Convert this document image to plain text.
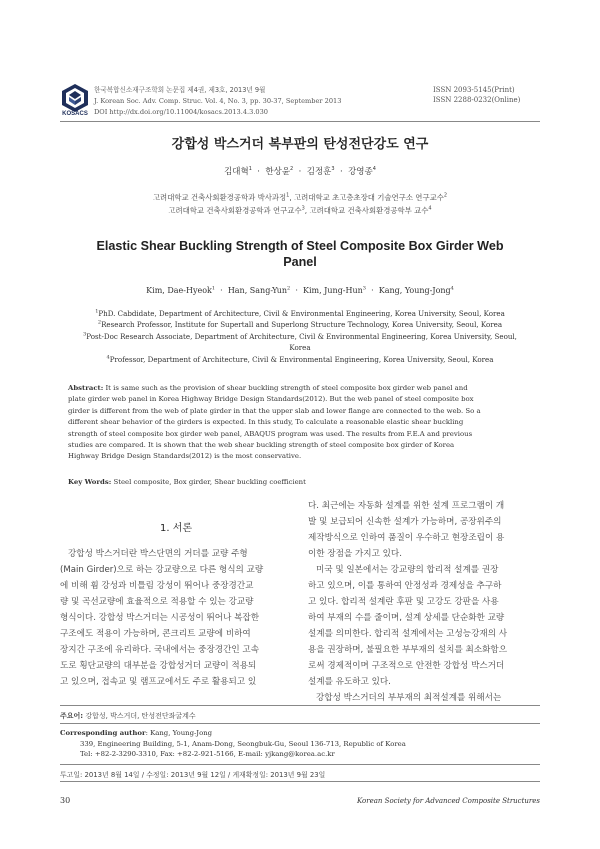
KOSACS
한국복합신소재구조학회 논문집 제4권, 제3호, 2013년 9월
J. Korean Soc. Adv. Comp. Struc. Vol. 4, No. 3, pp. 30-37, September 2013
DOI http://dx.doi.org/10.11004/kosacs.2013.4.3.030
ISSN 2093-5145(Print)
ISSN 2288-0232(Online)
강합성 박스거더 복부판의 탄성전단강도 연구
김대혁$^1$  ·  한상윤$^2$  ·  김정훈$^3$  ·  강영종$^4$
고려대학교 건축사회환경공학과 박사과정$^1$, 고려대학교 초고층초장대 기술연구소 연구교수$^2$
고려대학교 건축사회환경공학과 연구교수$^3$, 고려대학교 건축사회환경공학부 교수$^4$
Elastic Shear Buckling Strength of Steel Composite Box Girder Web
Panel
Kim, Dae-Hyeok$^1$  ·  Han, Sang-Yun$^2$  ·  Kim, Jung-Hun$^3$  ·  Kang, Young-Jong$^4$
$^1$PhD. Cabdidate, Department of Architecture, Civil & Environmental Engineering, Korea University, Seoul, Korea
$^2$Research Professor, Institute for Supertall and Superlong Structure Technology, Korea University, Seoul, Korea
$^3$Post-Doc Research Associate, Department of Architecture, Civil & Environmental Engineering, Korea University, Seoul,
Korea
$^4$Professor, Department of Architecture, Civil & Environmental Engineering, Korea University, Seoul, Korea
Abstract: It is same such as the provision of shear buckling strength of steel composite box girder web panel and
plate girder web panel in Korea Highway Bridge Design Standards(2012). But the web panel of steel composite box
girder is different from the web of plate girder in that the upper slab and lower flange are connected to the web. So a
different shear behavior of the girders is expected. In this study, To calculate a reasonable elastic shear buckling
strength of steel composite box girder web panel, ABAQUS program was used. The results from F.E.A and previous
studies are compared. It is shown that the web shear buckling strength of steel composite box girder of Korea
Highway Bridge Design Standards(2012) is the most conservative.
Key Words: Steel composite, Box girder, Shear buckling coefficient
1. 서론
강합성 박스거더란 박스단면의 거더를 교량 주형
(Main Girder)으로 하는 강교량으로 다른 형식의 교량
에 비해 휨 강성과 비틀림 강성이 뛰어나 중장경간교
량 및 곡선교량에 효율적으로 적용할 수 있는 강교량
형식이다. 강합성 박스거더는 시공성이 뛰어나 복잡한
구조에도 적용이 가능하며, 콘크리트 교량에 비하여
장지간 구조에 유리하다. 국내에서는 중장경간인 고속
도로 횡단교량의 대부분을 강합성거더 교량이 적용되
고 있으며, 접속교 및 램프교에서도 주로 활용되고 있
다. 최근에는 자동화 설계를 위한 설계 프로그램이 개
발 및 보급되어 신속한 설계가 가능하며, 공장위주의
제작방식으로 인하여 품질이 우수하고 현장조립이 용
이한 장점을 가지고 있다.
미국 및 일본에서는 강교량의 합리적 설계를 권장
하고 있으며, 이를 통하여 안정성과 경제성을 추구하
고 있다. 합리적 설계란 후판 및 고강도 강판을 사용
하여 부재의 수를 줄이며, 설계 상세를 단순화한 교량
설계를 의미한다. 합리적 설계에서는 고성능강재의 사
용을 권장하며, 불필요한 부부재의 설치를 최소화함으
로써 경제적이며 구조적으로 안전한 강합성 박스거더
설계를 유도하고 있다.
강합성 박스거더의 부부재의 최적설계를 위해서는
주요어: 강합성, 박스거더, 탄성전단좌굴계수
Corresponding author: Kang, Young-Jong
339, Engineering Building, 5-1, Anam-Dong, Seongbuk-Gu, Seoul 136-713, Republic of Korea
Tel: +82-2-3290-3310, Fax: +82-2-921-5166, E-mail: yjkang@korea.ac.kr
투고일: 2013년 8월 14일 / 수정일: 2013년 9월 12일 / 게재확정일: 2013년 9월 23일
30	Korean Society for Advanced Composite Structures
